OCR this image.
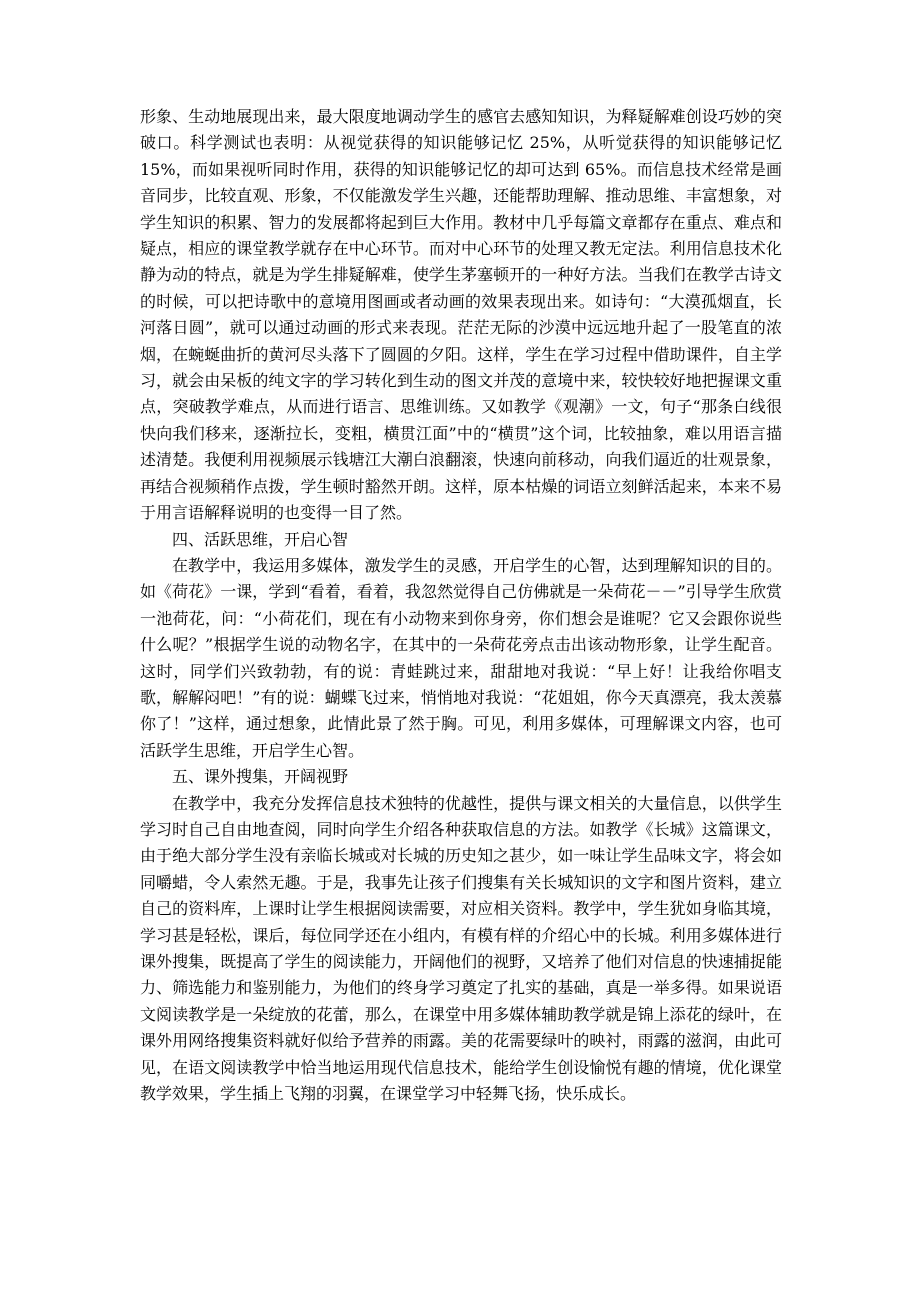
形象、生动地展现出来，最大限度地调动学生的感官去感知知识，为释疑解难创设巧妙的突破口。科学测试也表明：从视觉获得的知识能够记忆 25%，从听觉获得的知识能够记忆 15%，而如果视听同时作用，获得的知识能够记忆的却可达到 65%。而信息技术经常是画音同步，比较直观、形象，不仅能激发学生兴趣，还能帮助理解、推动思维、丰富想象，对学生知识的积累、智力的发展都将起到巨大作用。教材中几乎每篇文章都存在重点、难点和疑点，相应的课堂教学就存在中心环节。而对中心环节的处理又教无定法。利用信息技术化静为动的特点，就是为学生排疑解难，使学生茅塞顿开的一种好方法。当我们在教学古诗文的时候，可以把诗歌中的意境用图画或者动画的效果表现出来。如诗句：“大漠孤烟直，长河落日圆”，就可以通过动画的形式来表现。茫茫无际的沙漠中远远地升起了一股笔直的浓烟，在蜿蜒曲折的黄河尽头落下了圆圆的夕阳。这样，学生在学习过程中借助课件，自主学习，就会由呆板的纯文字的学习转化到生动的图文并茂的意境中来，较快较好地把握课文重点，突破教学难点，从而进行语言、思维训练。又如教学《观潮》一文，句子“那条白线很快向我们移来，逐渐拉长，变粗，横贯江面”中的“横贯”这个词，比较抽象，难以用语言描述清楚。我便利用视频展示钱塘江大潮白浪翻滚，快速向前移动，向我们逼近的壮观景象，再结合视频稍作点拨，学生顿时豁然开朗。这样，原本枯燥的词语立刻鲜活起来，本来不易于用言语解释说明的也变得一目了然。

四、活跃思维，开启心智

在教学中，我运用多媒体，激发学生的灵感，开启学生的心智，达到理解知识的目的。如《荷花》一课，学到“看着，看着，我忽然觉得自己仿佛就是一朵荷花－－”引导学生欣赏一池荷花，问：“小荷花们，现在有小动物来到你身旁，你们想会是谁呢？它又会跟你说些什么呢？”根据学生说的动物名字，在其中的一朵荷花旁点击出该动物形象，让学生配音。这时，同学们兴致勃勃，有的说：青蛙跳过来，甜甜地对我说：“早上好！让我给你唱支歌，解解闷吧！”有的说：蝴蝶飞过来，悄悄地对我说：“花姐姐，你今天真漂亮，我太羡慕你了！”这样，通过想象，此情此景了然于胸。可见，利用多媒体，可理解课文内容，也可活跃学生思维，开启学生心智。

五、课外搜集，开阔视野

在教学中，我充分发挥信息技术独特的优越性，提供与课文相关的大量信息，以供学生学习时自己自由地查阅，同时向学生介绍各种获取信息的方法。如教学《长城》这篇课文，由于绝大部分学生没有亲临长城或对长城的历史知之甚少，如一味让学生品味文字，将会如同嚼蜡，令人索然无趣。于是，我事先让孩子们搜集有关长城知识的文字和图片资料，建立自己的资料库，上课时让学生根据阅读需要，对应相关资料。教学中，学生犹如身临其境，学习甚是轻松，课后，每位同学还在小组内，有模有样的介绍心中的长城。利用多媒体进行课外搜集，既提高了学生的阅读能力，开阔他们的视野，又培养了他们对信息的快速捕捉能力、筛选能力和鉴别能力，为他们的终身学习奠定了扎实的基础，真是一举多得。如果说语文阅读教学是一朵绽放的花蕾，那么，在课堂中用多媒体辅助教学就是锦上添花的绿叶，在课外用网络搜集资料就好似给予营养的雨露。美的花需要绿叶的映衬，雨露的滋润，由此可见，在语文阅读教学中恰当地运用现代信息技术，能给学生创设愉悦有趣的情境，优化课堂教学效果，学生插上飞翔的羽翼，在课堂学习中轻舞飞扬，快乐成长。
